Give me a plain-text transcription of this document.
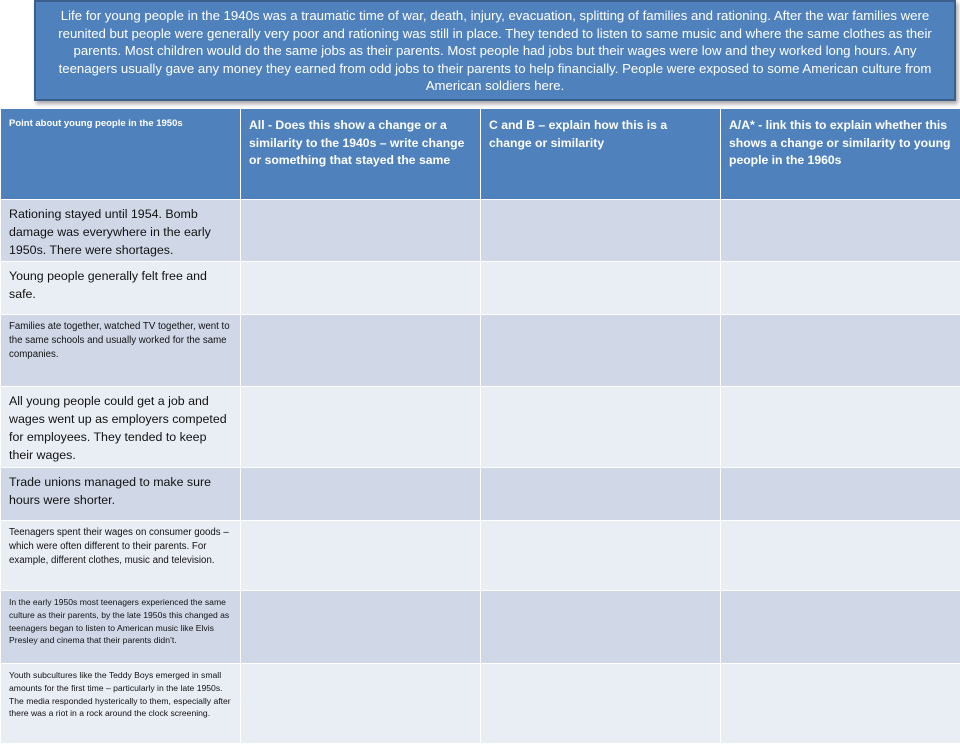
Life for young people in the 1940s was a traumatic time of war, death, injury, evacuation, splitting of families and rationing. After the war families were reunited but people were generally very poor and rationing was still in place. They tended to listen to same music and where the same clothes as their parents. Most children would do the same jobs as their parents. Most people had jobs but their wages were low and they worked long hours. Any teenagers usually gave any money they earned from odd jobs to their parents to help financially. People were exposed to some American culture from American soldiers here.
Point about young people in the 1950s	All - Does this show a change or a similarity to the 1940s – write change or something that stayed the same	C and B – explain how this is a change or similarity	A/A* - link this to explain whether this shows a change or similarity to young people in the 1960s
Rationing stayed until 1954. Bomb damage was everywhere in the early 1950s. There were shortages.			
Young people generally felt free and safe.			
Families ate together, watched TV together, went to the same schools and usually worked for the same companies.			
All young people could get a job and wages went up as employers competed for employees. They tended to keep their wages.			
Trade unions managed to make sure hours were shorter.			
Teenagers spent their wages on consumer goods – which were often different to their parents. For example, different clothes, music and television.			
In the early 1950s most teenagers experienced the same culture as their parents, by the late 1950s this changed as teenagers began to listen to American music like Elvis Presley and cinema that their parents didn’t.			
Youth subcultures like the Teddy Boys emerged in small amounts for the first time – particularly in the late 1950s. The media responded hysterically to them, especially after there was a riot in a rock around the clock screening.			
